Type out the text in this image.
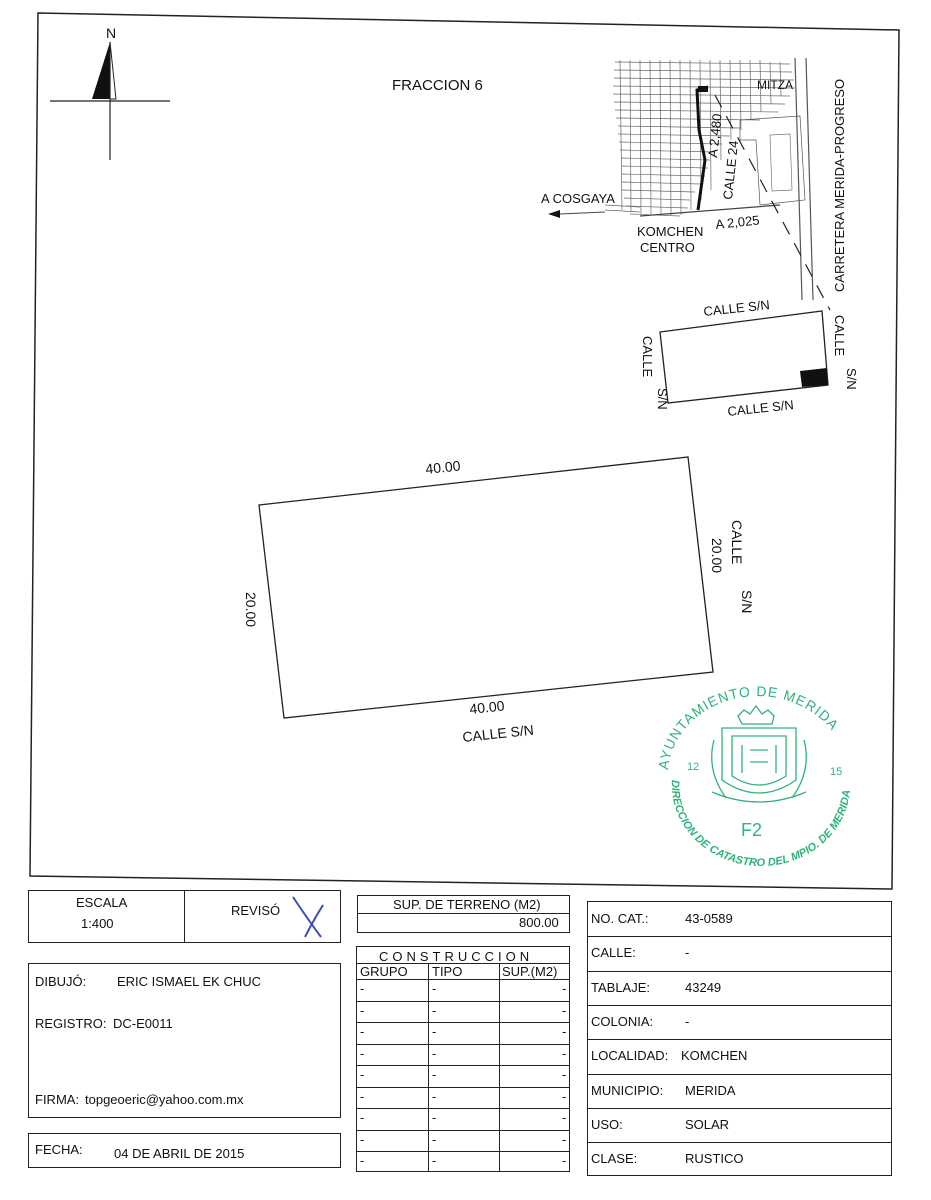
N
FRACCION 6	MITZA	CARRETERA MERIDA-PROGRESO
A 2,480
CALLE 24
A COSGAYA
A 2,025
KOMCHEN
CENTRO
CALLE S/N
CALLE S/N
CALLE
S/N
CALLE
S/N
40.00
40.00
CALLE S/N
20.00
20.00 CALLE
S/N
AYUNTAMIENTO DE MERIDA
DIRECCION DE CATASTRO DEL MPIO. DE MERIDA
12	15
F2
ESCALA
1:400
REVISÓ	SUP. DE TERRENO (M2)
800.00
CONSTRUCCION
GRUPO TIPO	SUP.(M2)
-	-	-
-	-	-
-	-	-
-	-	-
-	-	-
-	-	-
-	-	-
-	-	-
-	-	-
DIBUJÓ: ERIC ISMAEL EK CHUC
REGISTRO: DC-E0011
FIRMA: topgeoeric@yahoo.com.mx
FECHA: 04 DE ABRIL DE 2015
NO. CAT.:	43-0589
CALLE:	-
TABLAJE:	43249
COLONIA: -
LOCALIDAD: KOMCHEN
MUNICIPIO: MERIDA
USO:	SOLAR
CLASE:	RUSTICO
